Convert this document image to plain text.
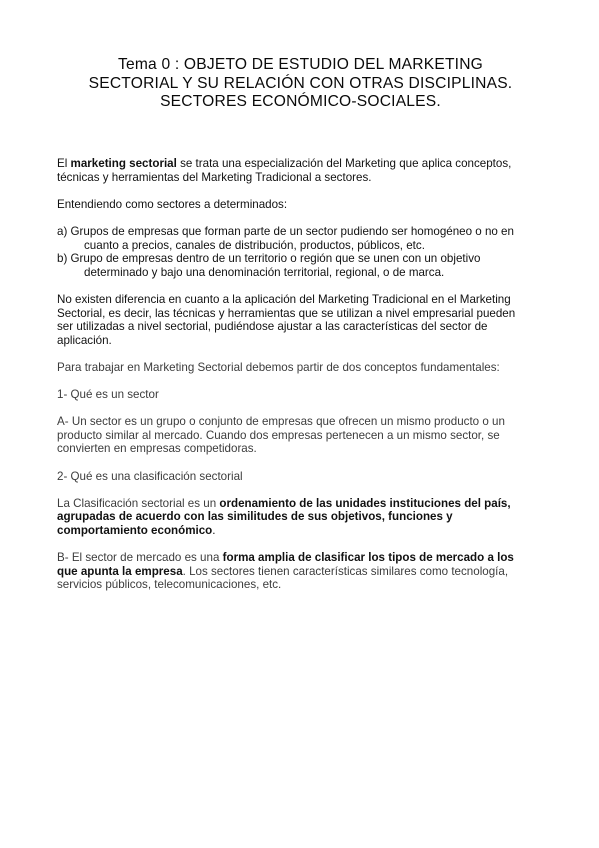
Tema 0 : OBJETO DE ESTUDIO DEL MARKETING
SECTORIAL Y SU RELACIÓN CON OTRAS DISCIPLINAS.
SECTORES ECONÓMICO-SOCIALES.

El marketing sectorial se trata una especialización del Marketing que aplica conceptos,

técnicas y herramientas del Marketing Tradicional a sectores.

Entendiendo como sectores a determinados:

a) Grupos de empresas que forman parte de un sector pudiendo ser homogéneo o no en

cuanto a precios, canales de distribución, productos, públicos, etc.

b) Grupo de empresas dentro de un territorio o región que se unen con un objetivo

determinado y bajo una denominación territorial, regional, o de marca.

No existen diferencia en cuanto a la aplicación del Marketing Tradicional en el Marketing

Sectorial, es decir, las técnicas y herramientas que se utilizan a nivel empresarial pueden

ser utilizadas a nivel sectorial, pudiéndose ajustar a las características del sector de

aplicación.

Para trabajar en Marketing Sectorial debemos partir de dos conceptos fundamentales:

1- Qué es un sector

A- Un sector es un grupo o conjunto de empresas que ofrecen un mismo producto o un

producto similar al mercado. Cuando dos empresas pertenecen a un mismo sector, se

convierten en empresas competidoras.

2- Qué es una clasificación sectorial

La Clasificación sectorial es un ordenamiento de las unidades instituciones del país,

agrupadas de acuerdo con las similitudes de sus objetivos, funciones y

comportamiento económico.

B- El sector de mercado es una forma amplia de clasificar los tipos de mercado a los

que apunta la empresa. Los sectores tienen características similares como tecnología,

servicios públicos, telecomunicaciones, etc.
